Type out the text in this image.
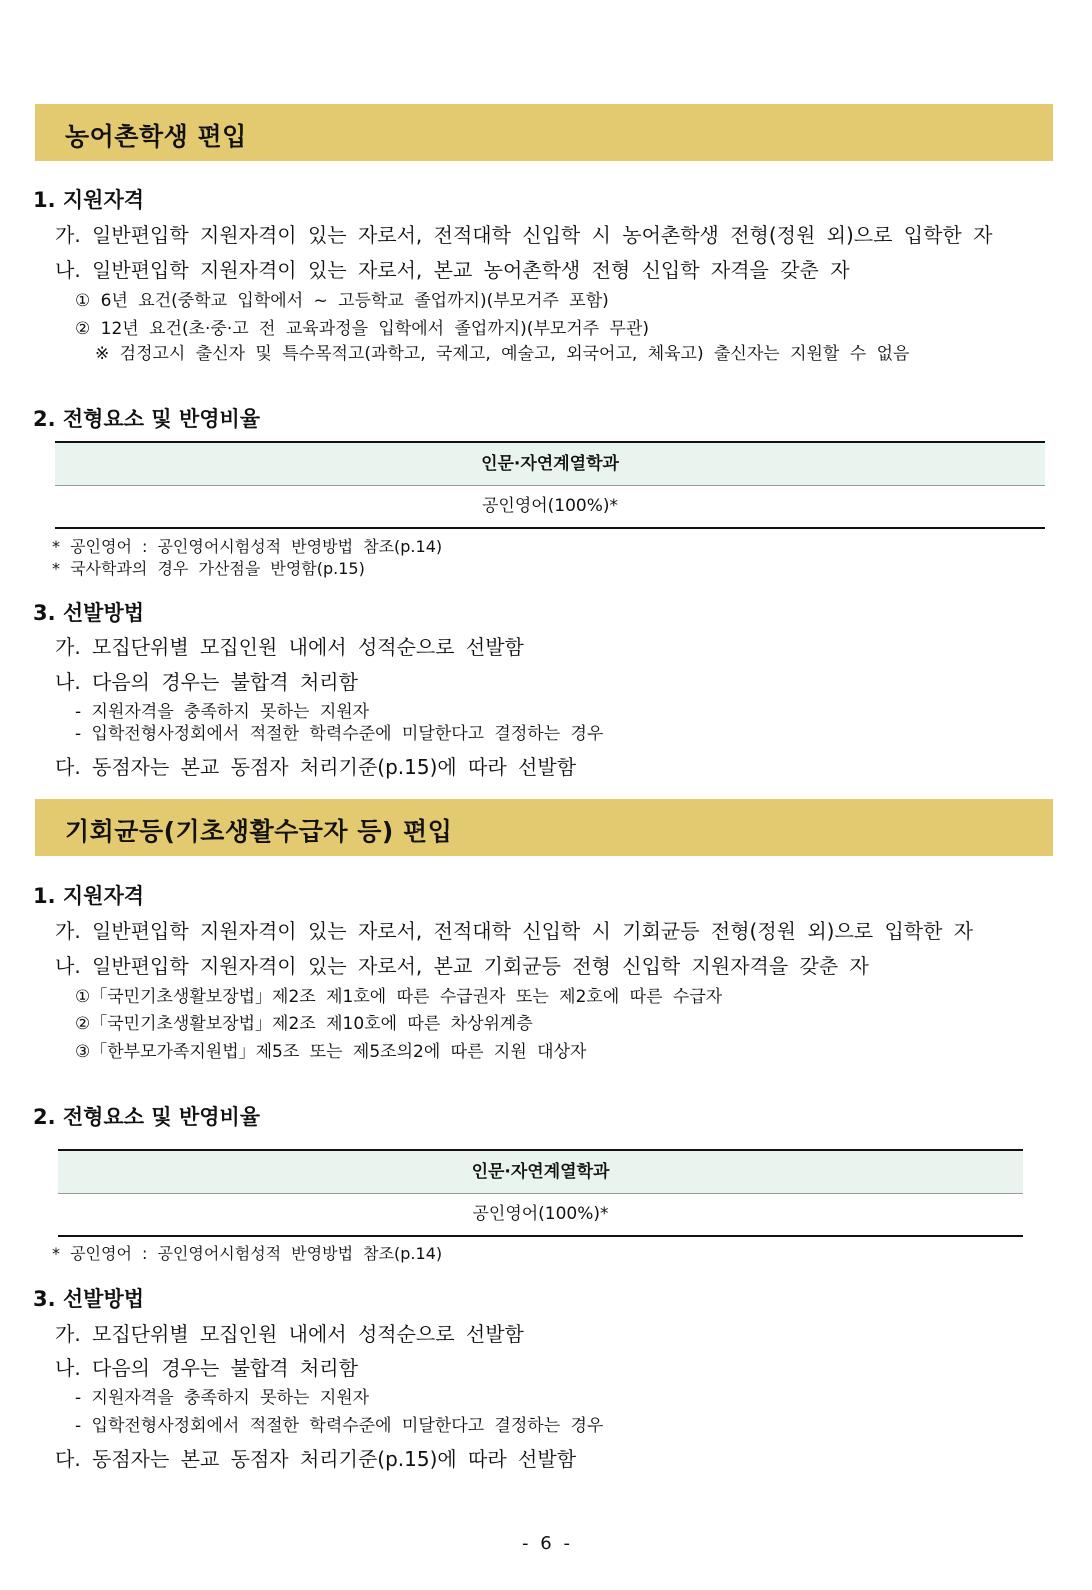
농어촌학생 편입
1. 지원자격
가. 일반편입학 지원자격이 있는 자로서, 전적대학 신입학 시 농어촌학생 전형(정원 외)으로 입학한 자
나. 일반편입학 지원자격이 있는 자로서, 본교 농어촌학생 전형 신입학 자격을 갖춘 자
① 6년 요건(중학교 입학에서 ~ 고등학교 졸업까지)(부모거주 포함)
② 12년 요건(초·중·고 전 교육과정을 입학에서 졸업까지)(부모거주 무관)
※ 검정고시 출신자 및 특수목적고(과학고, 국제고, 예술고, 외국어고, 체육고) 출신자는 지원할 수 없음
2. 전형요소 및 반영비율
인문·자연계열학과
공인영어(100%)*
* 공인영어 : 공인영어시험성적 반영방법 참조(p.14)
* 국사학과의 경우 가산점을 반영함(p.15)
3. 선발방법
가. 모집단위별 모집인원 내에서 성적순으로 선발함
나. 다음의 경우는 불합격 처리함
- 지원자격을 충족하지 못하는 지원자
- 입학전형사정회에서 적절한 학력수준에 미달한다고 결정하는 경우
다. 동점자는 본교 동점자 처리기준(p.15)에 따라 선발함
기회균등(기초생활수급자 등) 편입
1. 지원자격
가. 일반편입학 지원자격이 있는 자로서, 전적대학 신입학 시 기회균등 전형(정원 외)으로 입학한 자
나. 일반편입학 지원자격이 있는 자로서, 본교 기회균등 전형 신입학 지원자격을 갖춘 자
①「국민기초생활보장법」제2조 제1호에 따른 수급권자 또는 제2호에 따른 수급자
②「국민기초생활보장법」제2조 제10호에 따른 차상위계층
③「한부모가족지원법」제5조 또는 제5조의2에 따른 지원 대상자
2. 전형요소 및 반영비율
인문·자연계열학과
공인영어(100%)*
* 공인영어 : 공인영어시험성적 반영방법 참조(p.14)
3. 선발방법
가. 모집단위별 모집인원 내에서 성적순으로 선발함
나. 다음의 경우는 불합격 처리함
- 지원자격을 충족하지 못하는 지원자
- 입학전형사정회에서 적절한 학력수준에 미달한다고 결정하는 경우
다. 동점자는 본교 동점자 처리기준(p.15)에 따라 선발함
- 6 -
